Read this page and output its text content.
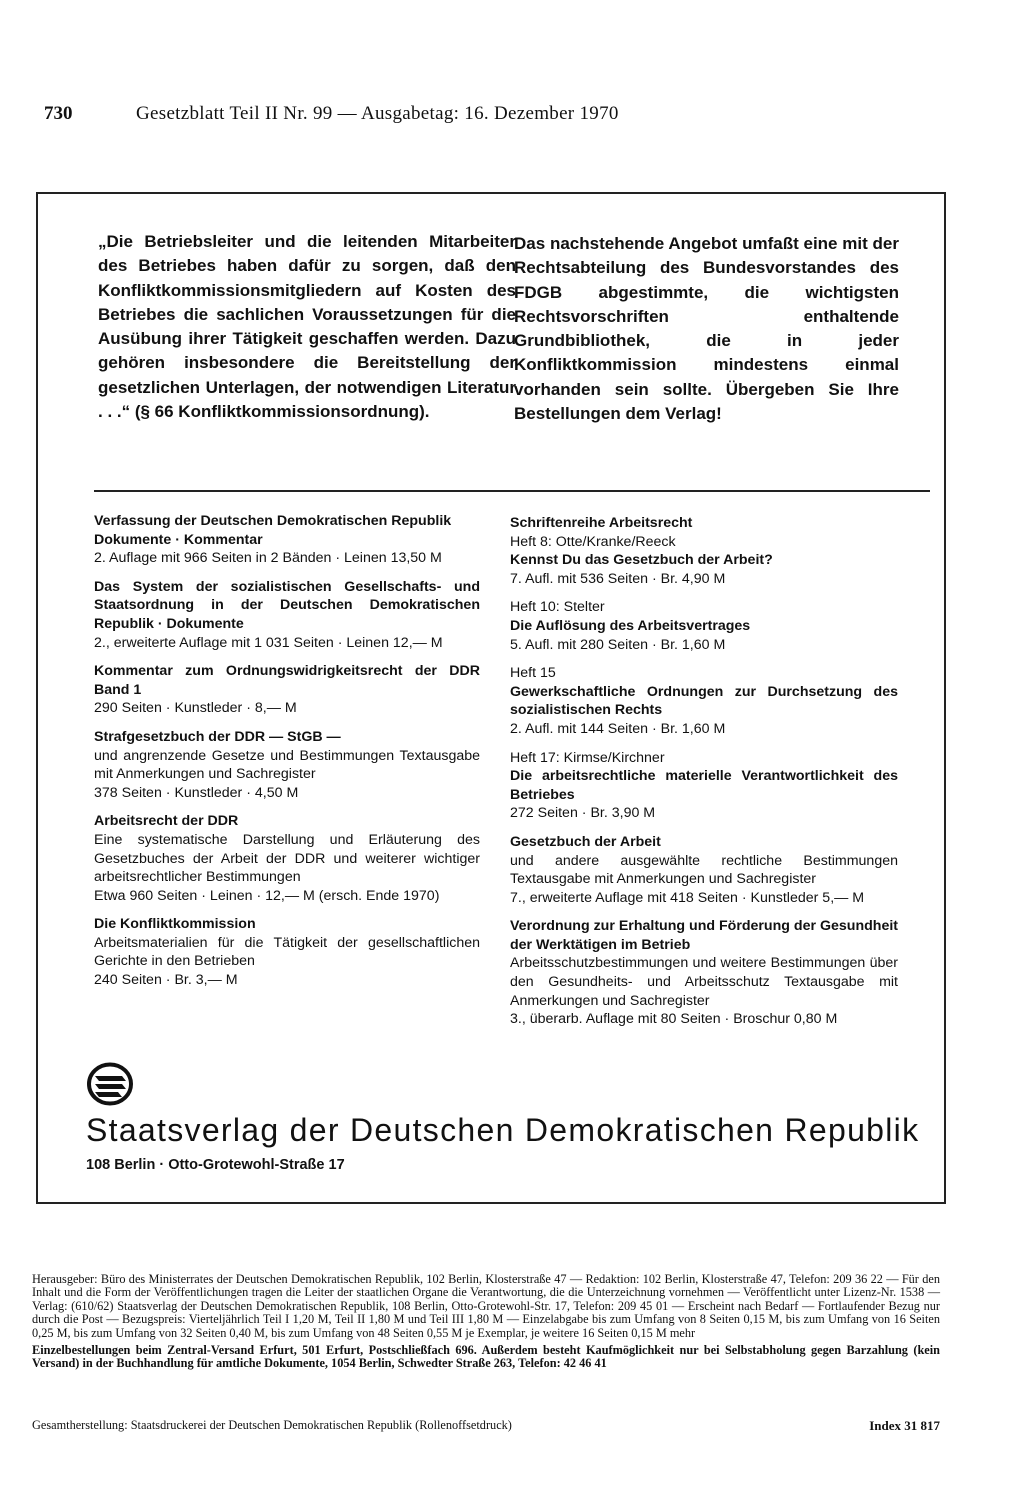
730	Gesetzblatt Teil II Nr. 99 — Ausgabetag: 16. Dezember 1970
„Die Betriebsleiter und die leitenden Mitarbeiter des Betriebes haben dafür zu sorgen, daß den Konfliktkommissionsmitgliedern auf Kosten des Betriebes die sachlichen Voraussetzungen für die Ausübung ihrer Tätigkeit geschaffen werden. Dazu gehören insbesondere die Bereitstellung der gesetzlichen Unterlagen, der notwendigen Literatur . . .“ (§ 66 Konfliktkommissionsordnung).
Das nachstehende Angebot umfaßt eine mit der Rechtsabteilung des Bundesvorstandes des FDGB abgestimmte, die wichtigsten Rechtsvorschriften enthaltende Grundbibliothek, die in jeder Konfliktkommission mindestens einmal vorhanden sein sollte. Übergeben Sie Ihre Bestellungen dem Verlag!
Verfassung der Deutschen Demokratischen Republik
Dokumente · Kommentar
2. Auflage mit 966 Seiten in 2 Bänden · Leinen 13,50 M
Das System der sozialistischen Gesellschafts- und Staatsordnung in der Deutschen Demokratischen Republik · Dokumente
2., erweiterte Auflage mit 1 031 Seiten · Leinen 12,— M
Kommentar zum Ordnungswidrigkeitsrecht der DDR Band 1
290 Seiten · Kunstleder · 8,— M
Strafgesetzbuch der DDR — StGB —
und angrenzende Gesetze und Bestimmungen Textausgabe mit Anmerkungen und Sachregister
378 Seiten · Kunstleder · 4,50 M
Arbeitsrecht der DDR
Eine systematische Darstellung und Erläuterung des Gesetzbuches der Arbeit der DDR und weiterer wichtiger arbeitsrechtlicher Bestimmungen
Etwa 960 Seiten · Leinen · 12,— M (ersch. Ende 1970)
Die Konfliktkommission
Arbeitsmaterialien für die Tätigkeit der gesellschaftlichen Gerichte in den Betrieben
240 Seiten · Br. 3,— M
Schriftenreihe Arbeitsrecht
Heft 8: Otte/Kranke/Reeck
Kennst Du das Gesetzbuch der Arbeit?
7. Aufl. mit 536 Seiten · Br. 4,90 M
Heft 10: Stelter
Die Auflösung des Arbeitsvertrages
5. Aufl. mit 280 Seiten · Br. 1,60 M
Heft 15
Gewerkschaftliche Ordnungen zur Durchsetzung des sozialistischen Rechts
2. Aufl. mit 144 Seiten · Br. 1,60 M
Heft 17: Kirmse/Kirchner
Die arbeitsrechtliche materielle Verantwortlichkeit des Betriebes
272 Seiten · Br. 3,90 M
Gesetzbuch der Arbeit
und andere ausgewählte rechtliche Bestimmungen Textausgabe mit Anmerkungen und Sachregister
7., erweiterte Auflage mit 418 Seiten · Kunstleder 5,— M
Verordnung zur Erhaltung und Förderung der Gesundheit der Werktätigen im Betrieb
Arbeitsschutzbestimmungen und weitere Bestimmungen über den Gesundheits- und Arbeitsschutz Textausgabe mit Anmerkungen und Sachregister
3., überarb. Auflage mit 80 Seiten · Broschur 0,80 M
Staatsverlag der Deutschen Demokratischen Republik
108 Berlin · Otto-Grotewohl-Straße 17

Herausgeber: Büro des Ministerrates der Deutschen Demokratischen Republik, 102 Berlin, Klosterstraße 47 — Redaktion: 102 Berlin, Klosterstraße 47, Telefon: 209 36 22 — Für den Inhalt und die Form der Veröffentlichungen tragen die Leiter der staatlichen Organe die Verantwortung, die die Unterzeichnung vornehmen — Veröffentlicht unter Lizenz-Nr. 1538 — Verlag: (610/62) Staatsverlag der Deutschen Demokratischen Republik, 108 Berlin, Otto-Grotewohl-Str. 17, Telefon: 209 45 01 — Erscheint nach Bedarf — Fortlaufender Bezug nur durch die Post — Bezugspreis: Vierteljährlich Teil I 1,20 M, Teil II 1,80 M und Teil III 1,80 M — Einzelabgabe bis zum Umfang von 8 Seiten 0,15 M, bis zum Umfang von 16 Seiten 0,25 M, bis zum Umfang von 32 Seiten 0,40 M, bis zum Umfang von 48 Seiten 0,55 M je Exemplar, je weitere 16 Seiten 0,15 M mehr

Einzelbestellungen beim Zentral-Versand Erfurt, 501 Erfurt, Postschließfach 696. Außerdem besteht Kaufmöglichkeit nur bei Selbstabholung gegen Barzahlung (kein Versand) in der Buchhandlung für amtliche Dokumente, 1054 Berlin, Schwedter Straße 263, Telefon: 42 46 41

Gesamtherstellung: Staatsdruckerei der Deutschen Demokratischen Republik (Rollenoffsetdruck)	Index 31 817
